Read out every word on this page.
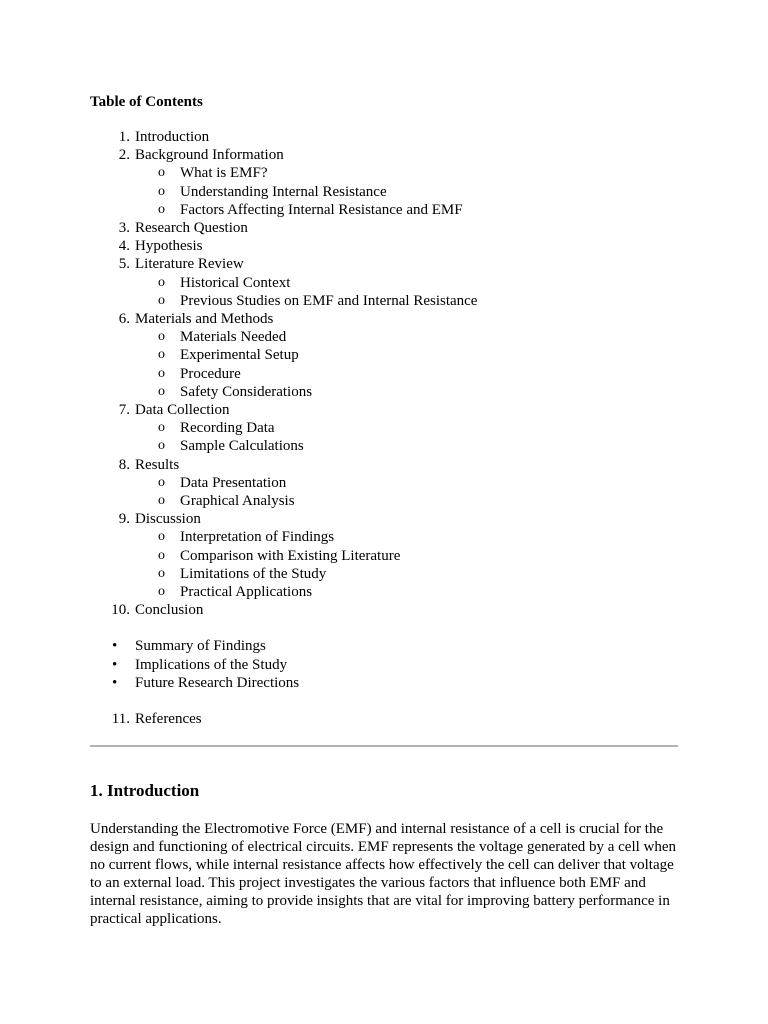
Table of Contents
1. Introduction
2. Background Information
o What is EMF?
o Understanding Internal Resistance
o Factors Affecting Internal Resistance and EMF
3. Research Question
4. Hypothesis
5. Literature Review
o Historical Context
o Previous Studies on EMF and Internal Resistance
6. Materials and Methods
o Materials Needed
o Experimental Setup
o Procedure
o Safety Considerations
7. Data Collection
o Recording Data
o Sample Calculations
8. Results
o Data Presentation
o Graphical Analysis
9. Discussion
o Interpretation of Findings
o Comparison with Existing Literature
o Limitations of the Study
o Practical Applications
10. Conclusion
• Summary of Findings
• Implications of the Study
• Future Research Directions
11. References
1. Introduction

Understanding the Electromotive Force (EMF) and internal resistance of a cell is crucial for the design and functioning of electrical circuits. EMF represents the voltage generated by a cell when no current flows, while internal resistance affects how effectively the cell can deliver that voltage to an external load. This project investigates the various factors that influence both EMF and internal resistance, aiming to provide insights that are vital for improving battery performance in practical applications.
